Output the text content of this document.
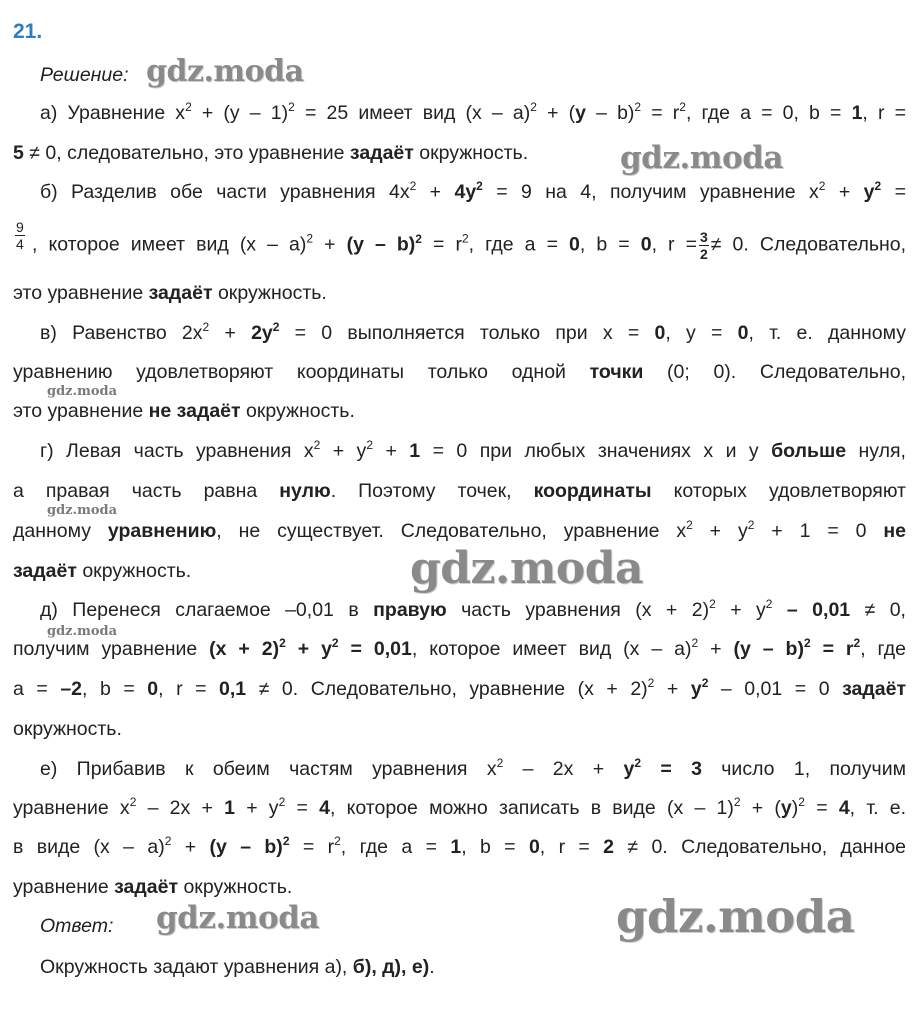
21.
Решение:
а) Уравнение $x^2 + (y - 1)^2 = 25$ имеет вид $(x - a)^2 + (y - b)^2 = r^2$, где a = 0, b = 1, r =
5 ≠ 0, следовательно, это уравнение задаёт окружность.
б) Разделив обе части уравнения $4x^2 + 4y^2 = 9$ на 4, получим уравнение $x^2 + y^2$ =
$\frac{9}{4}$ , которое имеет вид $(x - a)^2 + (y - b)^2 = r^2$, где a = 0, b = 0, $r = \frac{3}{2} \ne 0$. Следовательно,
это уравнение задаёт окружность.
в) Равенство $2x^2 + 2y^2 = 0$ выполняется только при x = 0, y = 0, т. е. данному
уравнению удовлетворяют координаты только одной точки (0; 0). Следовательно,
это уравнение не задаёт окружность.
г) Левая часть уравнения $x^2 + y^2 + 1 = 0$ при любых значениях x и y больше нуля,
а правая часть равна нулю. Поэтому точек, координаты которых удовлетворяют
данному уравнению, не существует. Следовательно, уравнение $x^2 + y^2 + 1 = 0$ не
задаёт окружность.
д) Перенеся слагаемое –0,01 в правую часть уравнения $(x + 2)^2 + y^2 - 0,01 \ne 0$,
получим уравнение $(x + 2)^2 + y^2 = 0,01$, которое имеет вид $(x - a)^2 + (y - b)^2 = r^2$, где
a = –2, b = 0, r = 0,1 ≠ 0. Следовательно, уравнение $(x + 2)^2 + y^2 - 0,01 = 0$ задаёт
окружность.
е) Прибавив к обеим частям уравнения $x^2 - 2x + y^2 = 3$ число 1, получим
уравнение $x^2 - 2x + 1 + y^2 = 4$, которое можно записать в виде $(x - 1)^2 + (y)^2 = 4$, т. е.
в виде $(x - a)^2 + (y - b)^2 = r^2$, где a = 1, b = 0, r = 2 ≠ 0. Следовательно, данное
уравнение задаёт окружность.
Ответ:
Окружность задают уравнения а), б), д), е).
gdz.moda
gdz.moda
gdz.moda
gdz.moda
gdz.moda
gdz.moda
gdz.moda	gdz.moda
